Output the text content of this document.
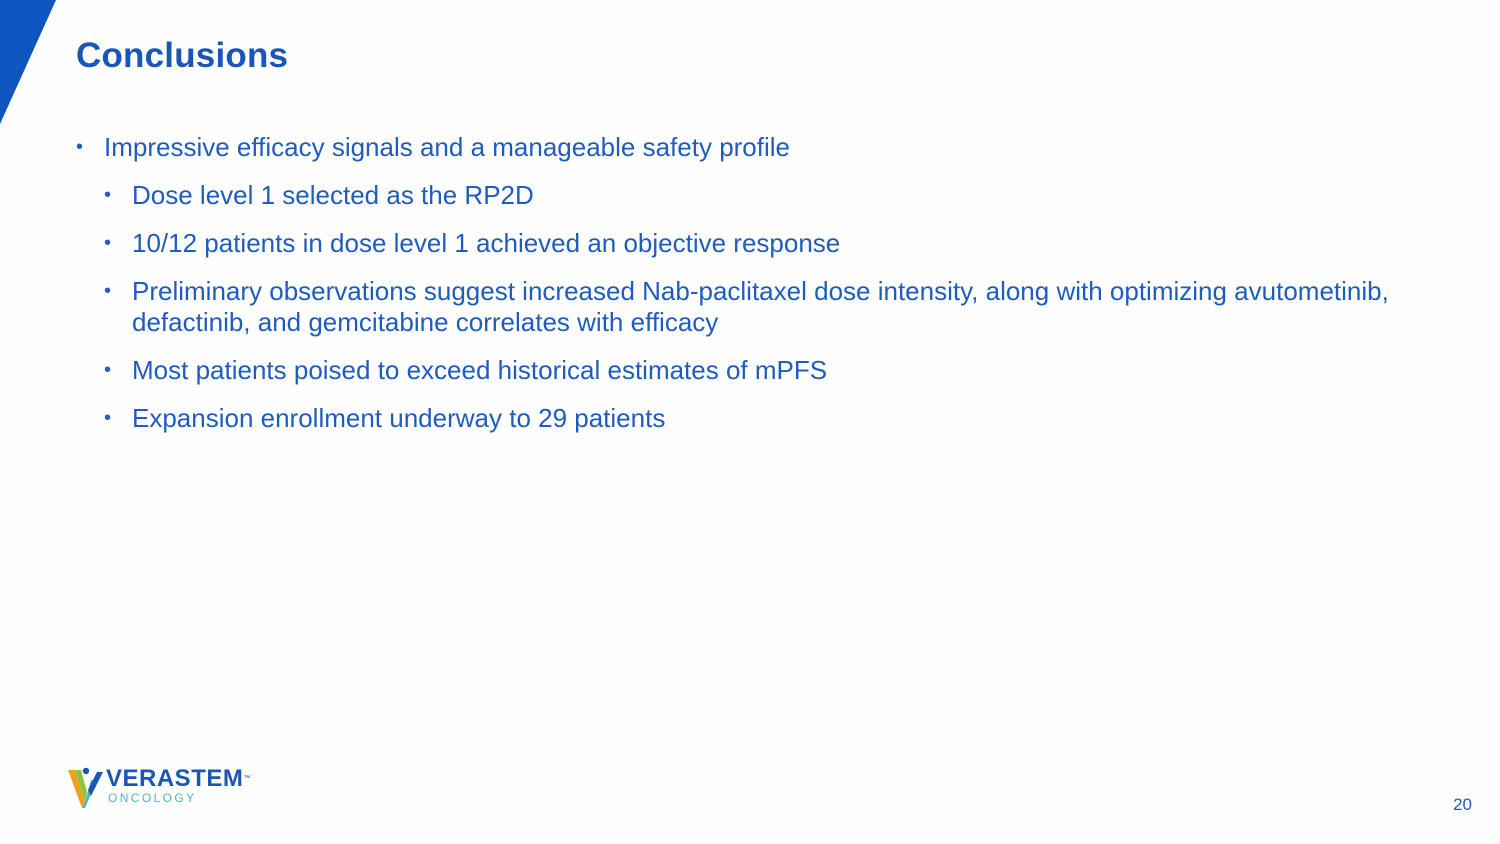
Conclusions
• Impressive efficacy signals and a manageable safety profile
• Dose level 1 selected as the RP2D
• 10/12 patients in dose level 1 achieved an objective response
• Preliminary observations suggest increased Nab-paclitaxel dose intensity, along with optimizing avutometinib, defactinib, and gemcitabine correlates with efficacy
• Most patients poised to exceed historical estimates of mPFS
• Expansion enrollment underway to 29 patients
VERASTEM™
ONCOLOGY	20
